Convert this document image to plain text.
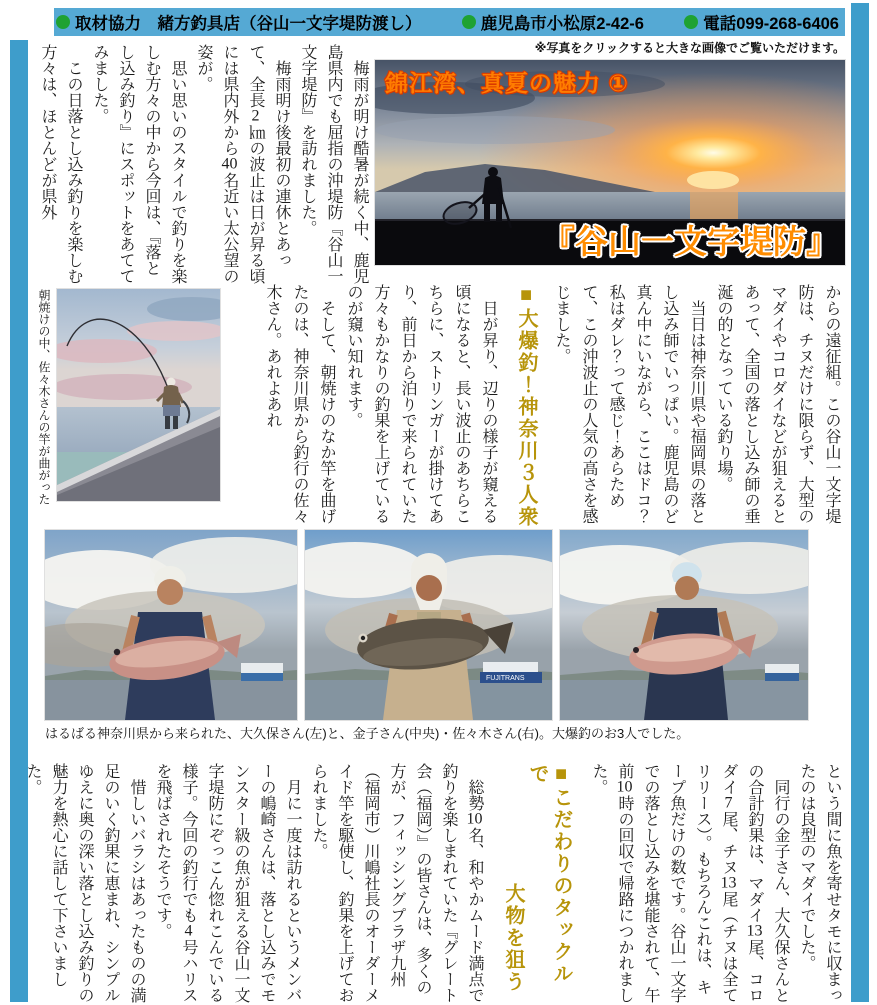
取材協力　緒方釣具店（谷山一文字堤防渡し）	鹿児島市小松原2-42-6	電話099-268-6406
※写真をクリックすると大きな画像でご覧いただけます。

　梅雨が明け酷暑が続く中、鹿児島県内でも屈指の沖堤防『谷山一文字堤防』を訪れました。

　梅雨明け後最初の連休とあって、全長2㎞の波止は日が昇る頃には県内外から40名近い太公望の姿が。

　思い思いのスタイルで釣りを楽しむ方々の中から今回は、『落とし込み釣り』にスポットをあててみました。

　この日落とし込み釣りを楽しむ方々は、ほとんどが県外	錦江湾、真夏の魅力 ①
『谷山一文字堤防』
朝焼けの中、佐々木さんの竿が曲がった	からの遠征組。この谷山一文字堤防は、チヌだけに限らず、大型のマダイやコロダイなどが狙えるとあって、全国の落とし込み師の垂涎の的となっている釣り場。

　当日は神奈川県や福岡県の落とし込み師でいっぱい。鹿児島のど真ん中にいながら、ここはドコ？私はダレ？って感じ！あらためて、この沖波止の人気の高さを感じました。

■大爆釣！神奈川３人衆

　日が昇り、辺りの様子が窺える頃になると、長い波止のあちらこちらに、ストリンガーが掛けてあり、前日から泊りで来られていた方々もかなりの釣果を上げているのが窺い知れます。

　そして、朝焼けのなか竿を曲げたのは、神奈川県から釣行の佐々木さん。あれよあれ

FUJITRANS
はるばる神奈川県から来られた、大久保さん(左)と、金子さん(中央)・佐々木さん(右)。大爆釣のお3人でした。

という間に魚を寄せタモに収まったのは良型のマダイでした。

　同行の金子さん、大久保さんとの合計釣果は、マダイ13尾、コロダイ7尾、チヌ13尾（チヌは全てリリース）。もちろんこれは、キープ魚だけの数です。谷山一文字での落とし込みを堪能されて、午前10時の回収で帰路につかれました。

■こだわりのタックルで
大物を狙う

　総勢10名、和やかムード満点で釣りを楽しまれていた『グレート会（福岡）』の皆さんは、多くの方が、フィッシングプラザ九州（福岡市）川嶋社長のオーダーメイド竿を駆使し、釣果を上げておられました。

　月に一度は訪れるというメンバーの嶋崎さんは、落とし込みでモンスター級の魚が狙える谷山一文字堤防にぞっこん惚れこんでいる様子。今回の釣行でも4号ハリスを飛ばされたそうです。

　惜しいバラシはあったものの満足のいく釣果に恵まれ、シンプルゆえに奥の深い落とし込み釣りの魅力を熱心に話して下さいました。
